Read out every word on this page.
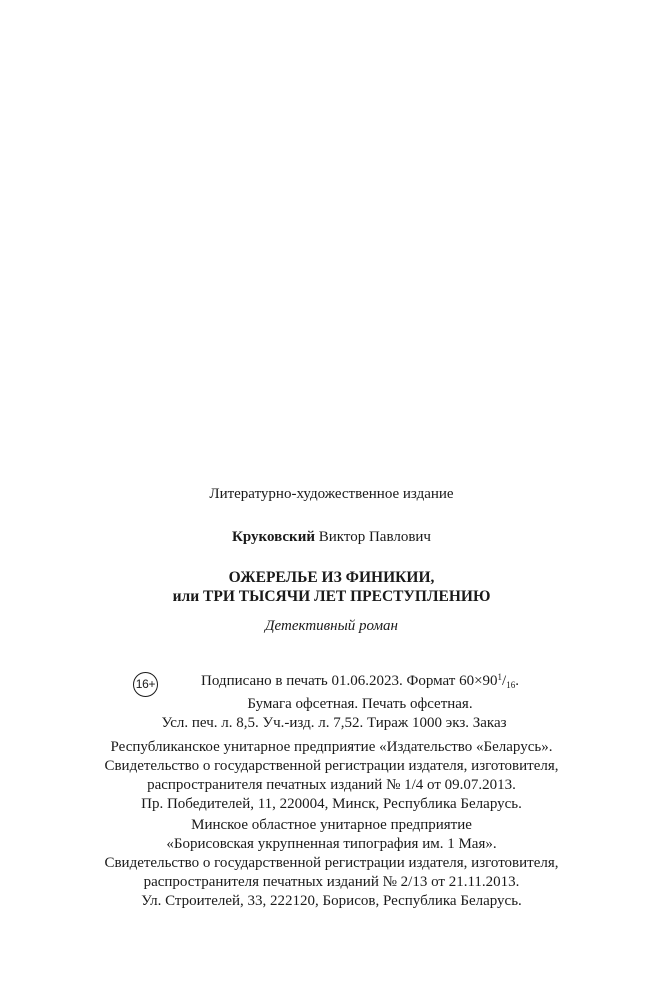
Литературно-художественное издание
Круковский Виктор Павлович
ОЖЕРЕЛЬЕ ИЗ ФИНИКИИ,
или ТРИ ТЫСЯЧИ ЛЕТ ПРЕСТУПЛЕНИЮ
Детективный роман
16+	Подписано в печать 01.06.2023. Формат $60\times 90^1/_{16}$.
Бумага офсетная. Печать офсетная.
Усл. печ. л. 8,5. Уч.-изд. л. 7,52. Тираж 1000 экз. Заказ
Республиканское унитарное предприятие «Издательство «Беларусь».
Свидетельство о государственной регистрации издателя, изготовителя,
распространителя печатных изданий № 1/4 от 09.07.2013.
Пр. Победителей, 11, 220004, Минск, Республика Беларусь.
Минское областное унитарное предприятие
«Борисовская укрупненная типография им. 1 Мая».
Свидетельство о государственной регистрации издателя, изготовителя,
распространителя печатных изданий № 2/13 от 21.11.2013.
Ул. Строителей, 33, 222120, Борисов, Республика Беларусь.
